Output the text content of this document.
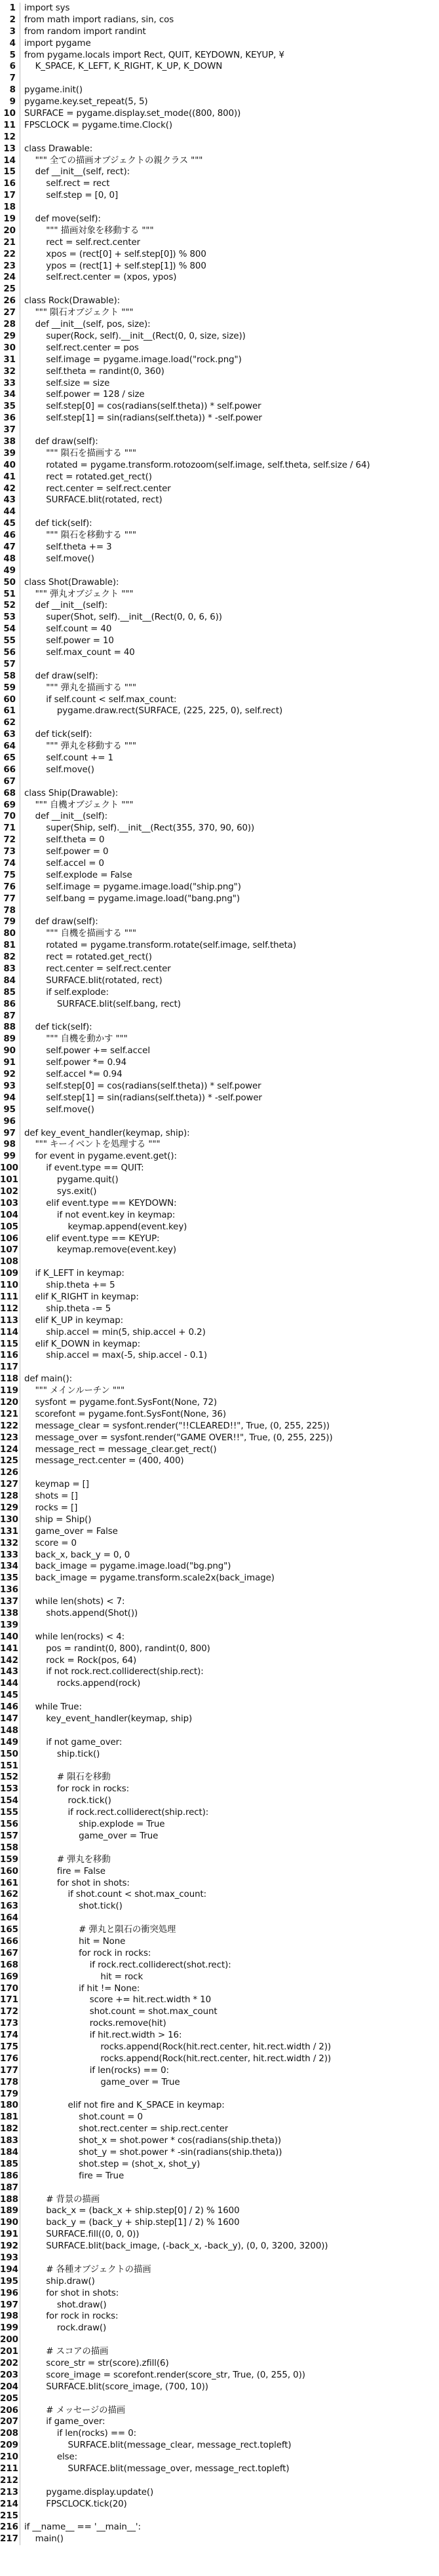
1 import sys
2 from math import radians, sin, cos
3 from random import randint
4 import pygame
5 from pygame.locals import Rect, QUIT, KEYDOWN, KEYUP, ¥
6 K_SPACE, K_LEFT, K_RIGHT, K_UP, K_DOWN
7
8 pygame.init()
9 pygame.key.set_repeat(5, 5)
10 SURFACE = pygame.display.set_mode((800, 800))
11 FPSCLOCK = pygame.time.Clock()
12
13 class Drawable:
14 """ 全ての描画オブジェクトの親クラス """
15 def __init__(self, rect):
16 self.rect = rect
17 self.step = [0, 0]
18
19 def move(self):
20 """ 描画対象を移動する """
21 rect = self.rect.center
22 xpos = (rect[0] + self.step[0]) % 800
23 ypos = (rect[1] + self.step[1]) % 800
24 self.rect.center = (xpos, ypos)
25
26 class Rock(Drawable):
27 """ 隕石オブジェクト """
28 def __init__(self, pos, size):
29 super(Rock, self).__init__(Rect(0, 0, size, size))
30 self.rect.center = pos
31 self.image = pygame.image.load("rock.png")
32 self.theta = randint(0, 360)
33 self.size = size
34 self.power = 128 / size
35 self.step[0] = cos(radians(self.theta)) * self.power
36 self.step[1] = sin(radians(self.theta)) * -self.power
37
38 def draw(self):
39 """ 隕石を描画する """
40 rotated = pygame.transform.rotozoom(self.image, self.theta, self.size / 64)
41 rect = rotated.get_rect()
42 rect.center = self.rect.center
43 SURFACE.blit(rotated, rect)
44
45 def tick(self):
46 """ 隕石を移動する """
47 self.theta += 3
48 self.move()
49
50 class Shot(Drawable):
51 """ 弾丸オブジェクト """
52 def __init__(self):
53 super(Shot, self).__init__(Rect(0, 0, 6, 6))
54 self.count = 40
55 self.power = 10
56 self.max_count = 40
57
58 def draw(self):
59 """ 弾丸を描画する """
60 if self.count < self.max_count:
61 pygame.draw.rect(SURFACE, (225, 225, 0), self.rect)
62
63 def tick(self):
64 """ 弾丸を移動する """
65 self.count += 1
66 self.move()
67
68 class Ship(Drawable):
69 """ 自機オブジェクト """
70 def __init__(self):
71 super(Ship, self).__init__(Rect(355, 370, 90, 60))
72 self.theta = 0
73 self.power = 0
74 self.accel = 0
75 self.explode = False
76 self.image = pygame.image.load("ship.png")
77 self.bang = pygame.image.load("bang.png")
78
79 def draw(self):
80 """ 自機を描画する """
81 rotated = pygame.transform.rotate(self.image, self.theta)
82 rect = rotated.get_rect()
83 rect.center = self.rect.center
84 SURFACE.blit(rotated, rect)
85 if self.explode:
86 SURFACE.blit(self.bang, rect)
87
88 def tick(self):
89 """ 自機を動かす """
90 self.power += self.accel
91 self.power *= 0.94
92 self.accel *= 0.94
93 self.step[0] = cos(radians(self.theta)) * self.power
94 self.step[1] = sin(radians(self.theta)) * -self.power
95 self.move()
96
97 def key_event_handler(keymap, ship):
98 """ キーイベントを処理する """
99 for event in pygame.event.get():
100 if event.type == QUIT:
101 pygame.quit()
102 sys.exit()
103 elif event.type == KEYDOWN:
104 if not event.key in keymap:
105 keymap.append(event.key)
106 elif event.type == KEYUP:
107 keymap.remove(event.key)
108
109 if K_LEFT in keymap:
110 ship.theta += 5
111 elif K_RIGHT in keymap:
112 ship.theta -= 5
113 elif K_UP in keymap:
114 ship.accel = min(5, ship.accel + 0.2)
115 elif K_DOWN in keymap:
116 ship.accel = max(-5, ship.accel - 0.1)
117
118 def main():
119 """ メインルーチン """
120 sysfont = pygame.font.SysFont(None, 72)
121 scorefont = pygame.font.SysFont(None, 36)
122 message_clear = sysfont.render("!!CLEARED!!", True, (0, 255, 225))
123 message_over = sysfont.render("GAME OVER!!", True, (0, 255, 225))
124 message_rect = message_clear.get_rect()
125 message_rect.center = (400, 400)
126
127 keymap = []
128 shots = []
129 rocks = []
130 ship = Ship()
131 game_over = False
132 score = 0
133 back_x, back_y = 0, 0
134 back_image = pygame.image.load("bg.png")
135 back_image = pygame.transform.scale2x(back_image)
136
137 while len(shots) < 7:
138 shots.append(Shot())
139
140 while len(rocks) < 4:
141 pos = randint(0, 800), randint(0, 800)
142 rock = Rock(pos, 64)
143 if not rock.rect.colliderect(ship.rect):
144 rocks.append(rock)
145
146 while True:
147 key_event_handler(keymap, ship)
148
149 if not game_over:
150 ship.tick()
151
152 # 隕石を移動
153 for rock in rocks:
154 rock.tick()
155 if rock.rect.colliderect(ship.rect):
156 ship.explode = True
157 game_over = True
158
159 # 弾丸を移動
160 fire = False
161 for shot in shots:
162 if shot.count < shot.max_count:
163 shot.tick()
164
165 # 弾丸と隕石の衝突処理
166 hit = None
167 for rock in rocks:
168 if rock.rect.colliderect(shot.rect):
169 hit = rock
170 if hit != None:
171 score += hit.rect.width * 10
172 shot.count = shot.max_count
173 rocks.remove(hit)
174 if hit.rect.width > 16:
175 rocks.append(Rock(hit.rect.center, hit.rect.width / 2))
176 rocks.append(Rock(hit.rect.center, hit.rect.width / 2))
177 if len(rocks) == 0:
178 game_over = True
179
180 elif not fire and K_SPACE in keymap:
181 shot.count = 0
182 shot.rect.center = ship.rect.center
183 shot_x = shot.power * cos(radians(ship.theta))
184 shot_y = shot.power * -sin(radians(ship.theta))
185 shot.step = (shot_x, shot_y)
186 fire = True
187
188 # 背景の描画
189 back_x = (back_x + ship.step[0] / 2) % 1600
190 back_y = (back_y + ship.step[1] / 2) % 1600
191 SURFACE.fill((0, 0, 0))
192 SURFACE.blit(back_image, (-back_x, -back_y), (0, 0, 3200, 3200))
193
194 # 各種オブジェクトの描画
195 ship.draw()
196 for shot in shots:
197 shot.draw()
198 for rock in rocks:
199 rock.draw()
200
201 # スコアの描画
202 score_str = str(score).zfill(6)
203 score_image = scorefont.render(score_str, True, (0, 255, 0))
204 SURFACE.blit(score_image, (700, 10))
205
206 # メッセージの描画
207 if game_over:
208 if len(rocks) == 0:
209 SURFACE.blit(message_clear, message_rect.topleft)
210 else:
211 SURFACE.blit(message_over, message_rect.topleft)
212
213 pygame.display.update()
214 FPSCLOCK.tick(20)
215
216 if __name__ == '__main__':
217 main()
